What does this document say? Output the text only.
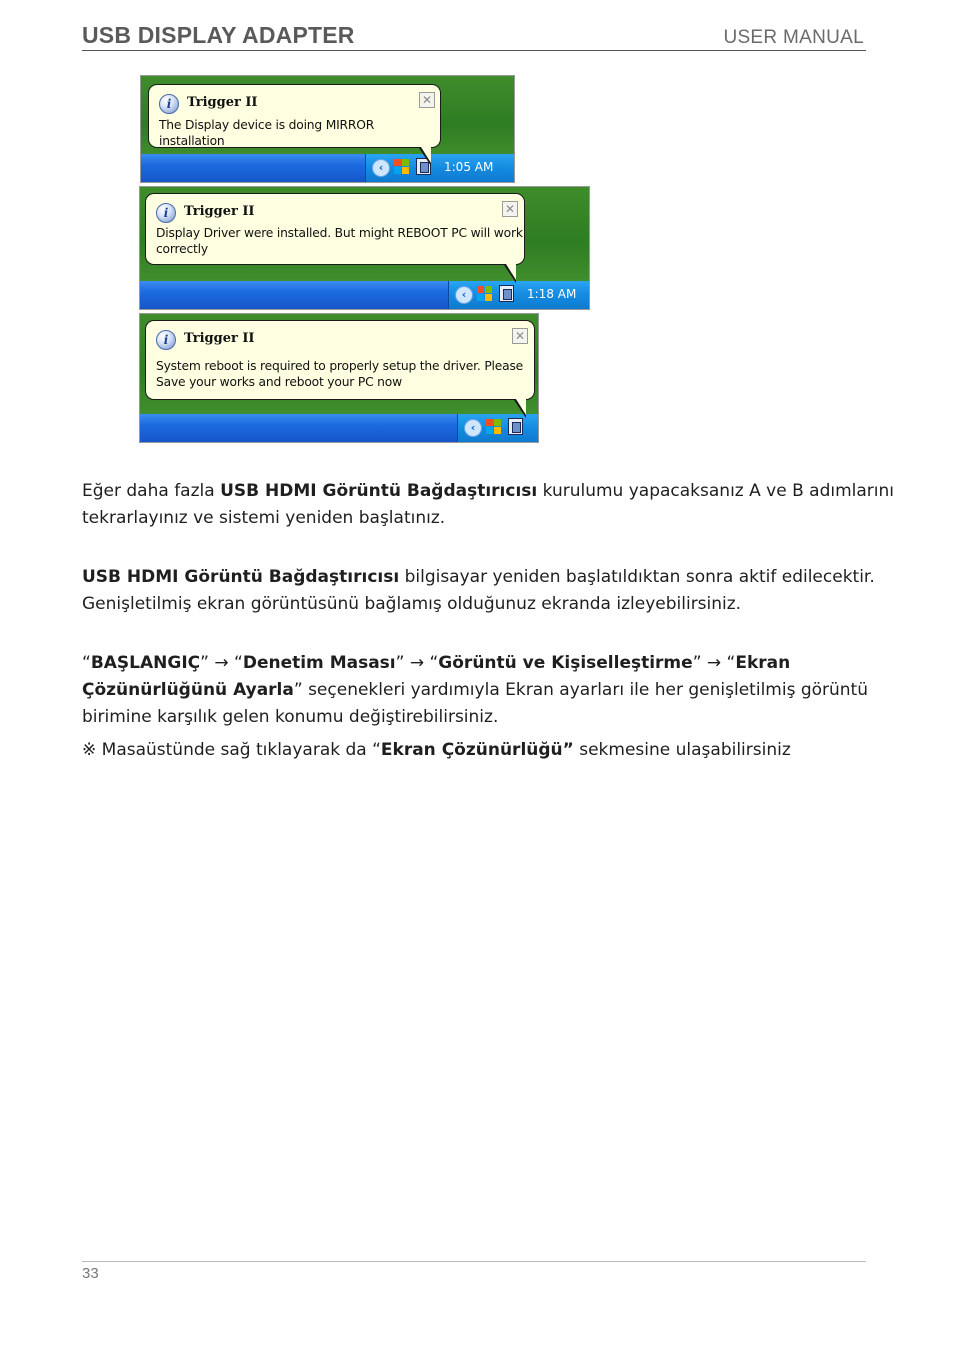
USB DISPLAY ADAPTER	USER MANUAL
‹	1:05 AM
i	Trigger II	✕
The Display device is doing MIRROR installation
‹	1:18 AM
i	Trigger II	✕
Display Driver were installed. But might REBOOT PC will work
correctly
‹
i	Trigger II	✕
System reboot is required to properly setup the driver. Please
Save your works and reboot your PC now

Eğer daha fazla USB HDMI Görüntü Bağdaştırıcısı kurulumu yapacaksanız A ve B adımlarını tekrarlayınız ve sistemi yeniden başlatınız.

USB HDMI Görüntü Bağdaştırıcısı bilgisayar yeniden başlatıldıktan sonra aktif edilecektir. Genişletilmiş ekran görüntüsünü bağlamış olduğunuz ekranda izleyebilirsiniz.

“BAŞLANGIÇ” → “Denetim Masası” → “Görüntü ve Kişiselleştirme” → “Ekran Çözünürlüğünü Ayarla” seçenekleri yardımıyla Ekran ayarları ile her genişletilmiş görüntü birimine karşılık gelen konumu değiştirebilirsiniz.

※ Masaüstünde sağ tıklayarak da “Ekran Çözünürlüğü” sekmesine ulaşabilirsiniz

33
